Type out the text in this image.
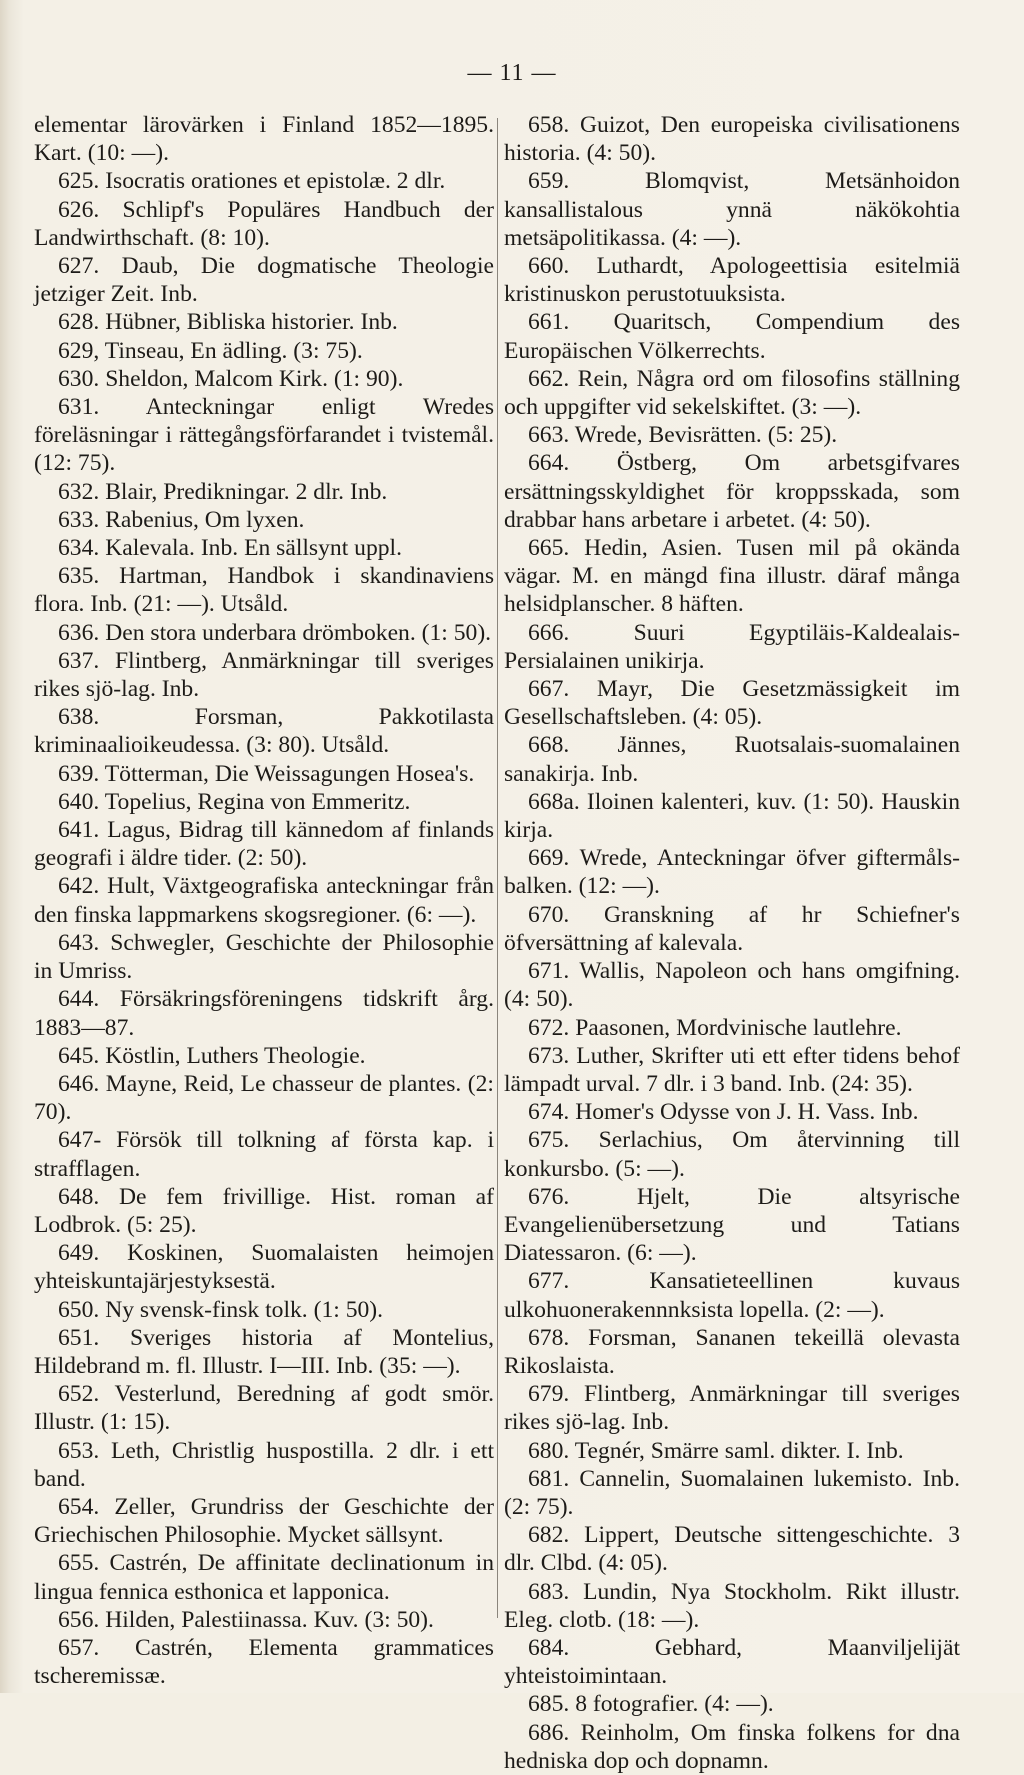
— 11 —

elementar lärovärken i Finland 1852—1895. Kart. (10: —).

625. Isocratis orationes et epistolæ. 2 dlr.

626. Schlipf's Populäres Handbuch der Landwirthschaft. (8: 10).

627. Daub, Die dogmatische Theologie jetziger Zeit. Inb.

628. Hübner, Bibliska historier. Inb.

629, Tinseau, En ädling. (3: 75).

630. Sheldon, Malcom Kirk. (1: 90).

631. Anteckningar enligt Wredes föreläsningar i rättegångsförfarandet i tvistemål. (12: 75).

632. Blair, Predikningar. 2 dlr. Inb.

633. Rabenius, Om lyxen.

634. Kalevala. Inb. En sällsynt uppl.

635. Hartman, Handbok i skandinaviens flora. Inb. (21: —). Utsåld.

636. Den stora underbara drömboken. (1: 50).

637. Flintberg, Anmärkningar till sveriges rikes sjö-lag. Inb.

638. Forsman, Pakkotilasta kriminaalioikeudessa. (3: 80). Utsåld.

639. Tötterman, Die Weissagungen Hosea's.

640. Topelius, Regina von Emmeritz.

641. Lagus, Bidrag till kännedom af finlands geografi i äldre tider. (2: 50).

642. Hult, Växtgeografiska anteckningar från den finska lappmarkens skogsregioner. (6: —).

643. Schwegler, Geschichte der Philosophie in Umriss.

644. Försäkringsföreningens tidskrift årg. 1883—87.

645. Köstlin, Luthers Theologie.

646. Mayne, Reid, Le chasseur de plantes. (2: 70).

647- Försök till tolkning af första kap. i strafflagen.

648. De fem frivillige. Hist. roman af Lodbrok. (5: 25).

649. Koskinen, Suomalaisten heimojen yhteiskuntajärjestyksestä.

650. Ny svensk-finsk tolk. (1: 50).

651. Sveriges historia af Montelius, Hildebrand m. fl. Illustr. I—III. Inb. (35: —).

652. Vesterlund, Beredning af godt smör. Illustr. (1: 15).

653. Leth, Christlig huspostilla. 2 dlr. i ett band.

654. Zeller, Grundriss der Geschichte der Griechischen Philosophie. Mycket sällsynt.

655. Castrén, De affinitate declinationum in lingua fennica esthonica et lapponica.

656. Hilden, Palestiinassa. Kuv. (3: 50).

657. Castrén, Elementa grammatices tscheremissæ.

658. Guizot, Den europeiska civilisationens historia. (4: 50).

659. Blomqvist, Metsänhoidon kansallistalous ynnä näkökohtia metsäpolitikassa. (4: —).

660. Luthardt, Apologeettisia esitelmiä kristinuskon perustotuuksista.

661. Quaritsch, Compendium des Europäischen Völkerrechts.

662. Rein, Några ord om filosofins ställning och uppgifter vid sekelskiftet. (3: —).

663. Wrede, Bevisrätten. (5: 25).

664. Östberg, Om arbetsgifvares ersättningsskyldighet för kroppsskada, som drabbar hans arbetare i arbetet. (4: 50).

665. Hedin, Asien. Tusen mil på okända vägar. M. en mängd fina illustr. däraf många helsidplanscher. 8 häften.

666. Suuri Egyptiläis-Kaldealais- Persialainen unikirja.

667. Mayr, Die Gesetzmässigkeit im Gesellschaftsleben. (4: 05).

668. Jännes, Ruotsalais-suomalainen sanakirja. Inb.

668a. Iloinen kalenteri, kuv. (1: 50). Hauskin kirja.

669. Wrede, Anteckningar öfver giftermåls-balken. (12: —).

670. Granskning af hr Schiefner's öfversättning af kalevala.

671. Wallis, Napoleon och hans omgifning. (4: 50).

672. Paasonen, Mordvinische lautlehre.

673. Luther, Skrifter uti ett efter tidens behof lämpadt urval. 7 dlr. i 3 band. Inb. (24: 35).

674. Homer's Odysse von J. H. Vass. Inb.

675. Serlachius, Om återvinning till konkursbo. (5: —).

676. Hjelt, Die altsyrische Evangelienübersetzung und Tatians Diatessaron. (6: —).

677. Kansatieteellinen kuvaus ulkohuonerakennnksista lopella. (2: —).

678. Forsman, Sananen tekeillä olevasta Rikoslaista.

679. Flintberg, Anmärkningar till sveriges rikes sjö-lag. Inb.

680. Tegnér, Smärre saml. dikter. I. Inb.

681. Cannelin, Suomalainen lukemisto. Inb. (2: 75).

682. Lippert, Deutsche sittengeschichte. 3 dlr. Clbd. (4: 05).

683. Lundin, Nya Stockholm. Rikt illustr. Eleg. clotb. (18: —).

684. Gebhard, Maanviljelijät yhteistoimintaan.

685. 8 fotografier. (4: —).

686. Reinholm, Om finska folkens for dna hedniska dop och dopnamn.
